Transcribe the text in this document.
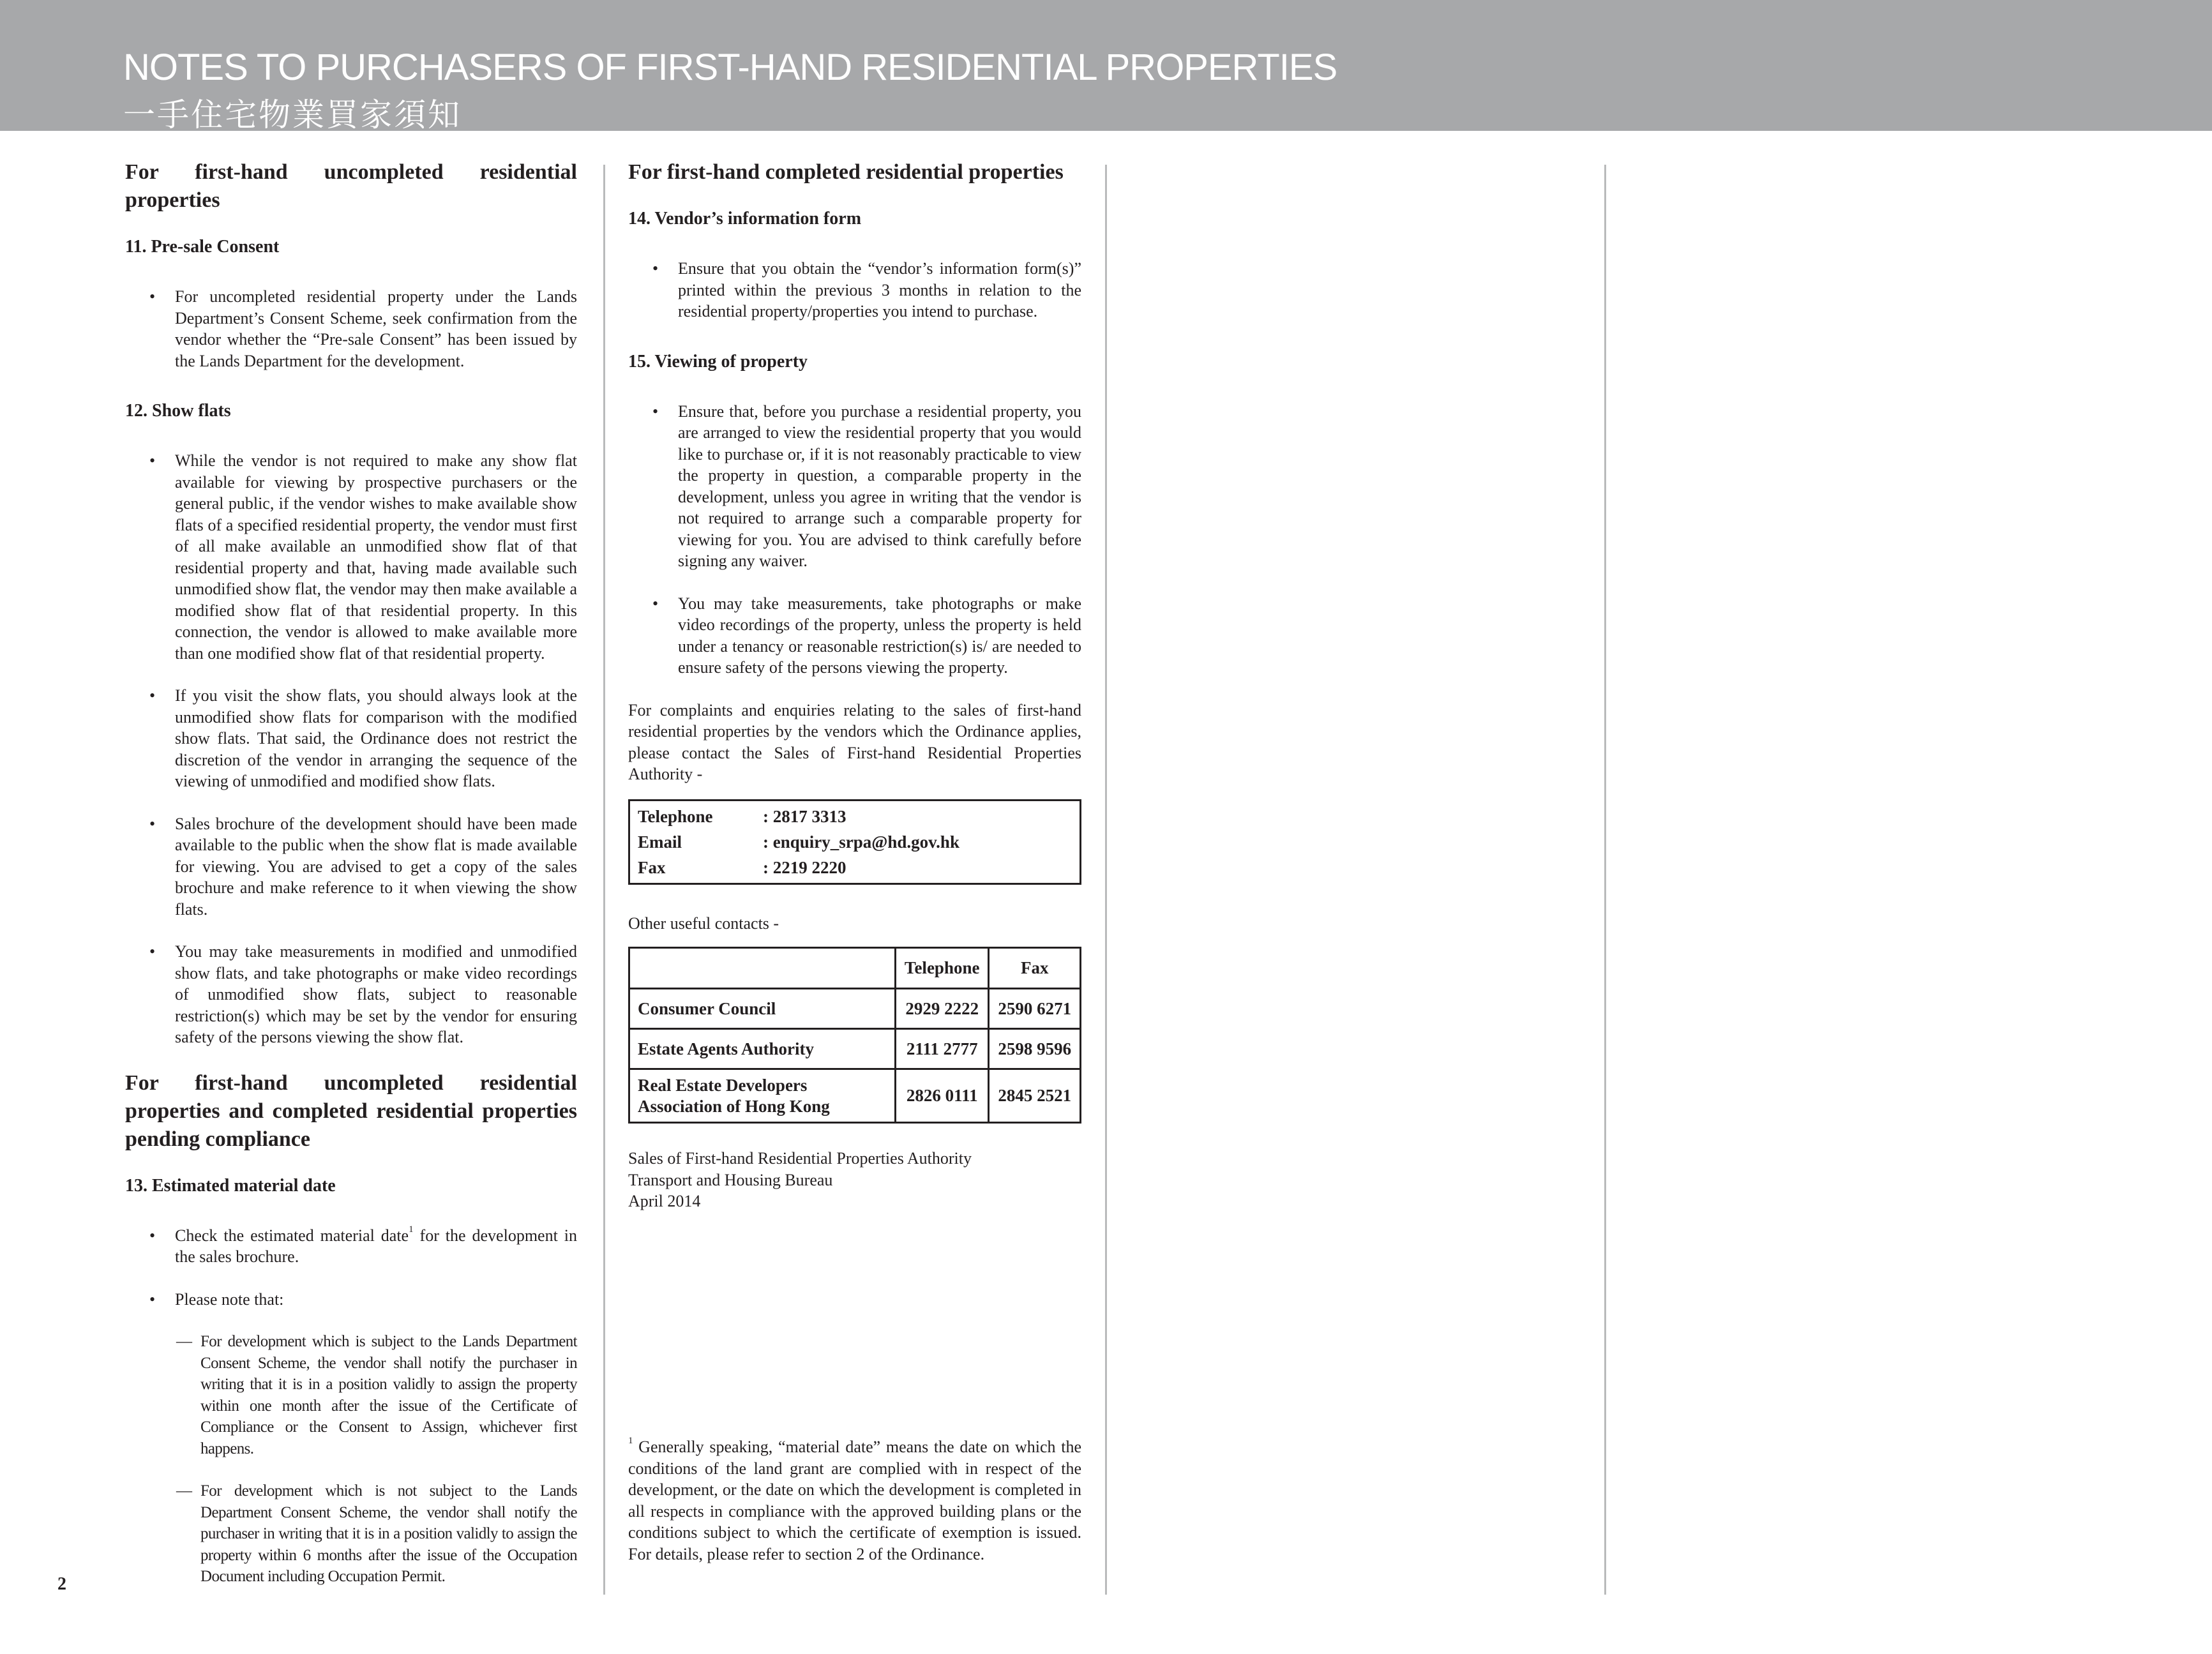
NOTES TO PURCHASERS OF FIRST-HAND RESIDENTIAL PROPERTIES
一手住宅物業買家須知
For first-hand uncompleted residential properties
11. Pre-sale Consent
• For uncompleted residential property under the Lands Department’s Consent Scheme, seek confirmation from the vendor whether the “Pre-sale Consent” has been issued by the Lands Department for the development.
12. Show flats
• While the vendor is not required to make any show flat available for viewing by prospective purchasers or the general public, if the vendor wishes to make available show flats of a specified residential property, the vendor must first of all make available an unmodified show flat of that residential property and that, having made available such unmodified show flat, the vendor may then make available a modified show flat of that residential property. In this connection, the vendor is allowed to make available more than one modified show flat of that residential property.
• If you visit the show flats, you should always look at the unmodified show flats for comparison with the modified show flats. That said, the Ordinance does not restrict the discretion of the vendor in arranging the sequence of the viewing of unmodified and modified show flats.
• Sales brochure of the development should have been made available to the public when the show flat is made available for viewing. You are advised to get a copy of the sales brochure and make reference to it when viewing the show flats.
• You may take measurements in modified and unmodified show flats, and take photographs or make video recordings of unmodified show flats, subject to reasonable restriction(s) which may be set by the vendor for ensuring safety of the persons viewing the show flat.
For first-hand uncompleted residential properties and completed residential properties pending compliance
13. Estimated material date
• Check the estimated material date$^1$ for the development in the sales brochure.
• Please note that:
— For development which is subject to the Lands Department Consent Scheme, the vendor shall notify the purchaser in writing that it is in a position validly to assign the property within one month after the issue of the Certificate of Compliance or the Consent to Assign, whichever first happens.
— For development which is not subject to the Lands Department Consent Scheme, the vendor shall notify the purchaser in writing that it is in a position validly to assign the property within 6 months after the issue of the Occupation Document including Occupation Permit.
For first-hand completed residential properties
14. Vendor’s information form
• Ensure that you obtain the “vendor’s information form(s)” printed within the previous 3 months in relation to the residential property/properties you intend to purchase.
15. Viewing of property
• Ensure that, before you purchase a residential property, you are arranged to view the residential property that you would like to purchase or, if it is not reasonably practicable to view the property in question, a comparable property in the development, unless you agree in writing that the vendor is not required to arrange such a comparable property for viewing for you. You are advised to think carefully before signing any waiver.
• You may take measurements, take photographs or make video recordings of the property, unless the property is held under a tenancy or reasonable restriction(s) is/ are needed to ensure safety of the persons viewing the property.
For complaints and enquiries relating to the sales of first-hand residential properties by the vendors which the Ordinance applies, please contact the Sales of First-hand Residential Properties Authority -
Telephone	: 2817 3313
Email	: enquiry_srpa@hd.gov.hk
Fax	: 2219 2220
Other useful contacts -
	Telephone	Fax
Consumer Council	2929 2222	2590 6271
Estate Agents Authority	2111 2777	2598 9596
Real Estate Developers Association of Hong Kong	2826 0111	2845 2521
Sales of First-hand Residential Properties Authority
Transport and Housing Bureau
April 2014
$^1$ Generally speaking, “material date” means the date on which the conditions of the land grant are complied with in respect of the development, or the date on which the development is completed in all respects in compliance with the approved building plans or the conditions subject to which the certificate of exemption is issued. For details, please refer to section 2 of the Ordinance.
2
